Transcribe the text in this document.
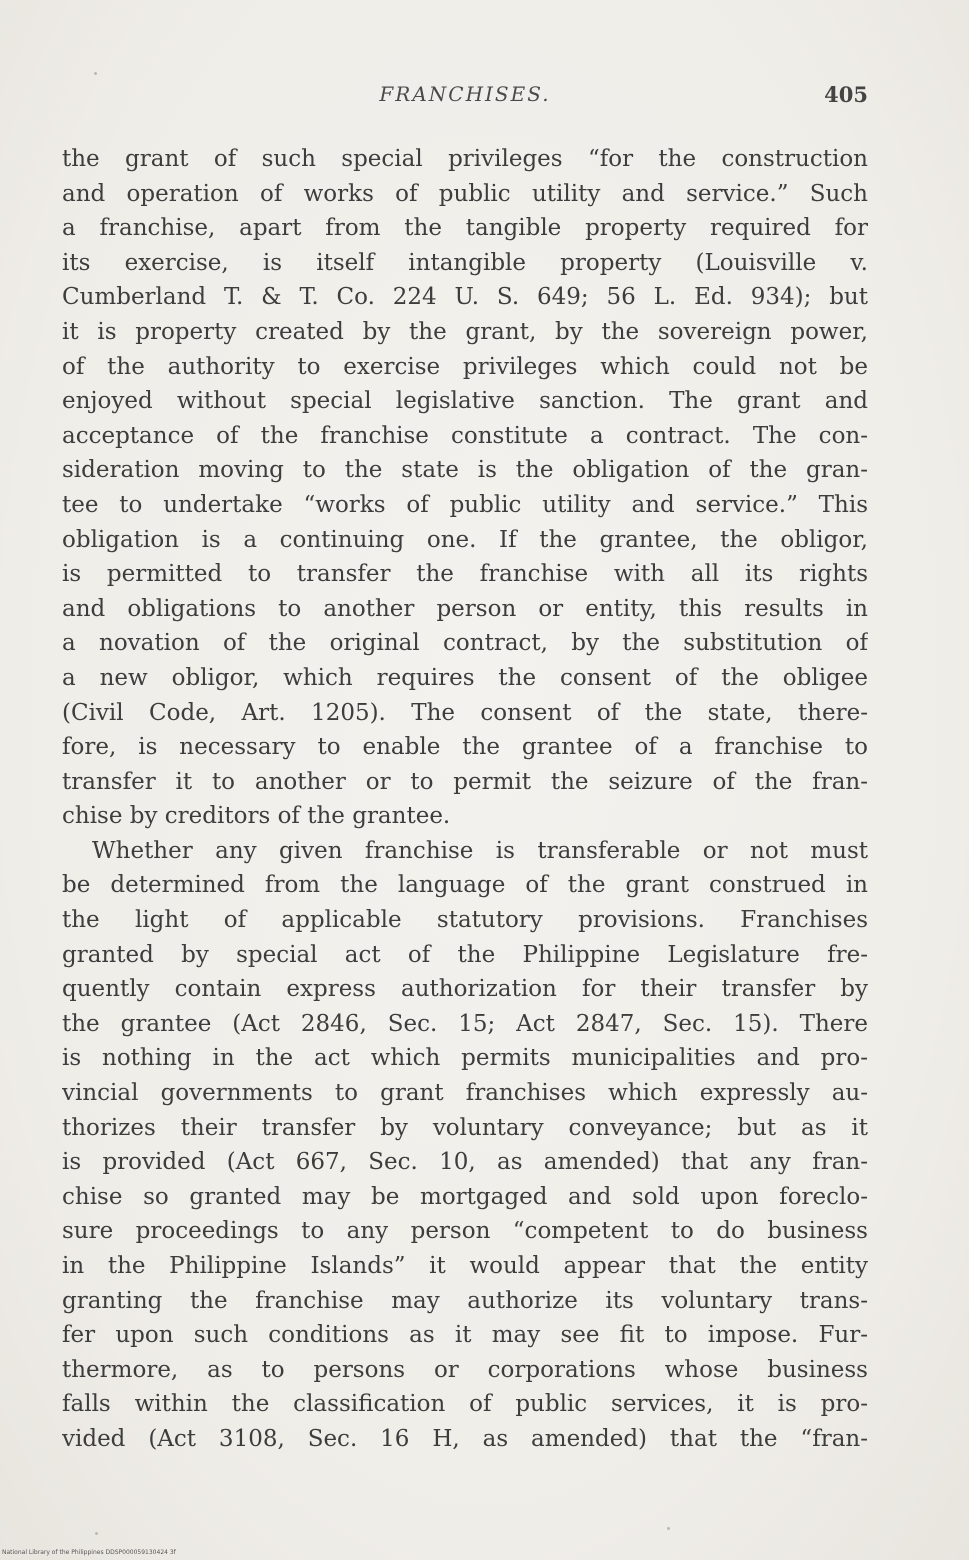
FRANCHISES.	405

the grant of such special privileges “for the construction
and operation of works of public utility and service.” Such
a franchise, apart from the tangible property required for
its exercise, is itself intangible property (Louisville v.
Cumberland T. & T. Co. 224 U. S. 649; 56 L. Ed. 934); but
it is property created by the grant, by the sovereign power,
of the authority to exercise privileges which could not be
enjoyed without special legislative sanction. The grant and
acceptance of the franchise constitute a contract. The con-
sideration moving to the state is the obligation of the gran-
tee to undertake “works of public utility and service.” This
obligation is a continuing one. If the grantee, the obligor,
is permitted to transfer the franchise with all its rights
and obligations to another person or entity, this results in
a novation of the original contract, by the substitution of
a new obligor, which requires the consent of the obligee
(Civil Code, Art. 1205). The consent of the state, there-
fore, is necessary to enable the grantee of a franchise to
transfer it to another or to permit the seizure of the fran-
chise by creditors of the grantee.

Whether any given franchise is transferable or not must
be determined from the language of the grant construed in
the light of applicable statutory provisions. Franchises
granted by special act of the Philippine Legislature fre-
quently contain express authorization for their transfer by
the grantee (Act 2846, Sec. 15; Act 2847, Sec. 15). There
is nothing in the act which permits municipalities and pro-
vincial governments to grant franchises which expressly au-
thorizes their transfer by voluntary conveyance; but as it
is provided (Act 667, Sec. 10, as amended) that any fran-
chise so granted may be mortgaged and sold upon foreclo-
sure proceedings to any person “competent to do business
in the Philippine Islands” it would appear that the entity
granting the franchise may authorize its voluntary trans-
fer upon such conditions as it may see fit to impose. Fur-
thermore, as to persons or corporations whose business
falls within the classification of public services, it is pro-
vided (Act 3108, Sec. 16 H, as amended) that the “fran-

National Library of the Philippines DDSP000059130424 3f
